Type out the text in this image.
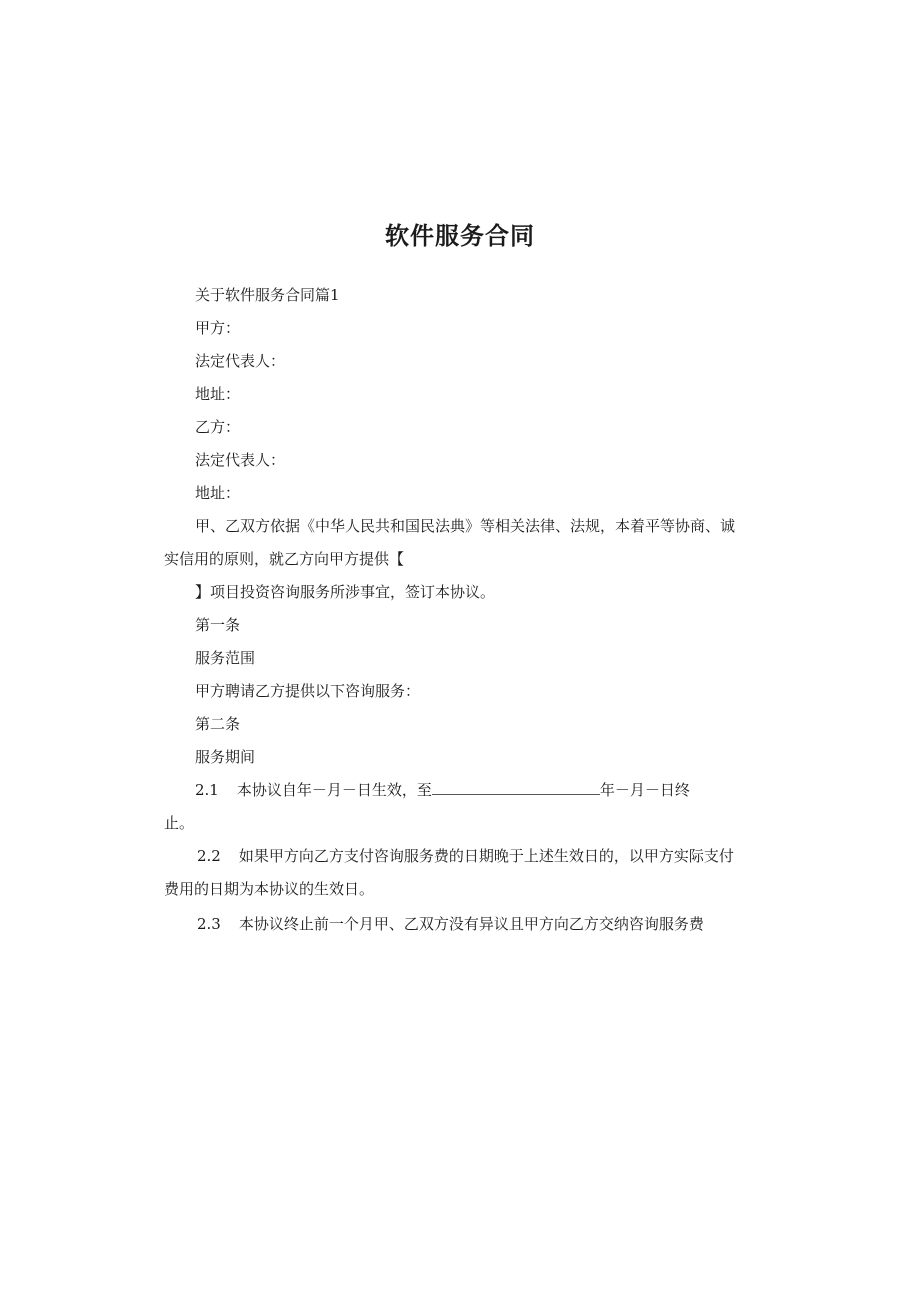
软件服务合同
关于软件服务合同篇1
甲方：
法定代表人：
地址：
乙方：
法定代表人：
地址：
甲、乙双方依据《中华人民共和国民法典》等相关法律、法规，本着平等协商、诚
实信用的原则，就乙方向甲方提供【
】项目投资咨询服务所涉事宜，签订本协议。
第一条
服务范围
甲方聘请乙方提供以下咨询服务：
第二条
服务期间
2.1 本协议自年－月－日生效，至	年－月－日终
止。
2.2 如果甲方向乙方支付咨询服务费的日期晚于上述生效日的，以甲方实际支付
费用的日期为本协议的生效日。
2.3 本协议终止前一个月甲、乙双方没有异议且甲方向乙方交纳咨询服务费
